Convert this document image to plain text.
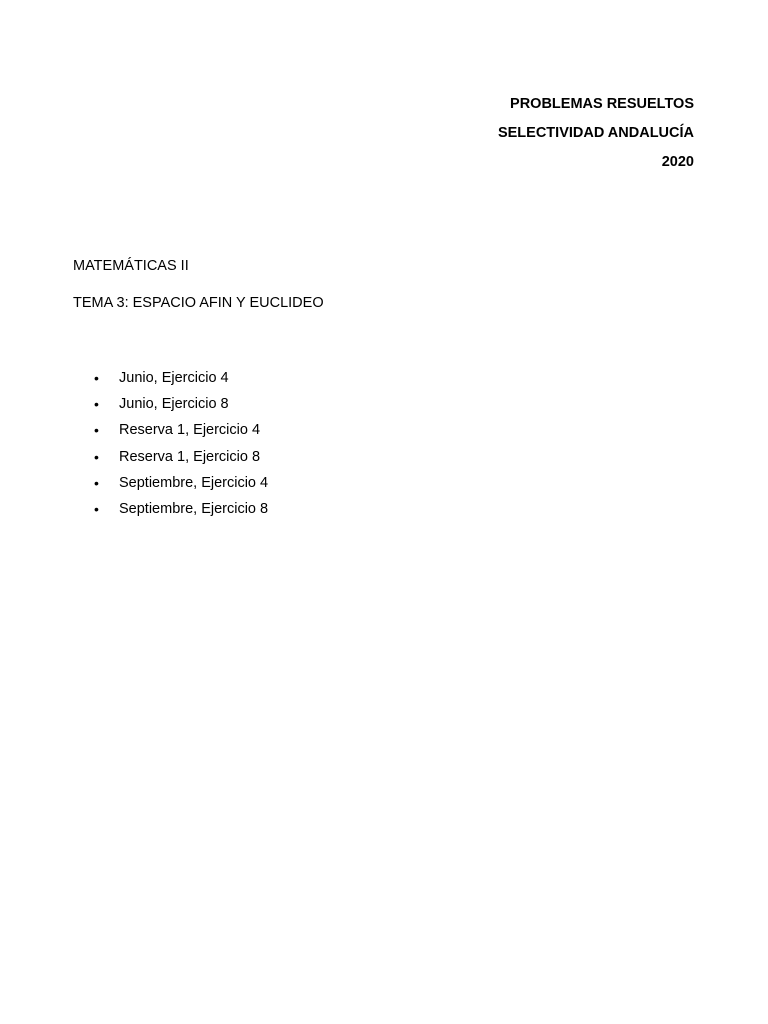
PROBLEMAS RESUELTOS
SELECTIVIDAD ANDALUCÍA
2020
MATEMÁTICAS II
TEMA 3: ESPACIO AFIN Y EUCLIDEO
•	Junio, Ejercicio 4
•	Junio, Ejercicio 8
•	Reserva 1, Ejercicio 4
•	Reserva 1, Ejercicio 8
•	Septiembre, Ejercicio 4
•	Septiembre, Ejercicio 8
